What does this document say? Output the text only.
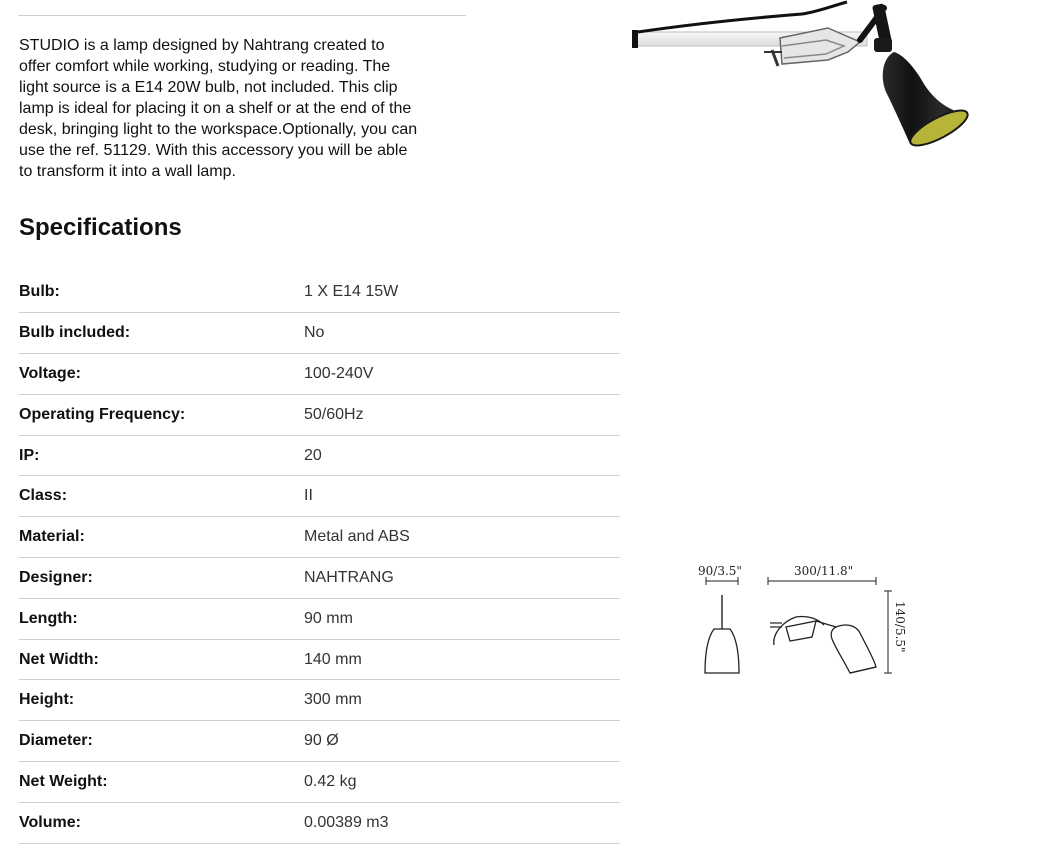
STUDIO is a lamp designed by Nahtrang created to
offer comfort while working, studying or reading. The
light source is a E14 20W bulb, not included. This clip
lamp is ideal for placing it on a shelf or at the end of the
desk, bringing light to the workspace.Optionally, you can
use the ref. 51129. With this accessory you will be able
to transform it into a wall lamp.
Specifications
Bulb:	1 X E14 15W
Bulb included:	No
Voltage:	100-240V
Operating Frequency:	50/60Hz
IP:	20
Class:	II
Material:	Metal and ABS
Designer:	NAHTRANG
Length:	90 mm
Net Width:	140 mm
Height:	300 mm
Diameter:	90 Ø
Net Weight:	0.42 kg
Volume:	0.00389 m3
90/3.5"	300/11.8"
140/5.5"
